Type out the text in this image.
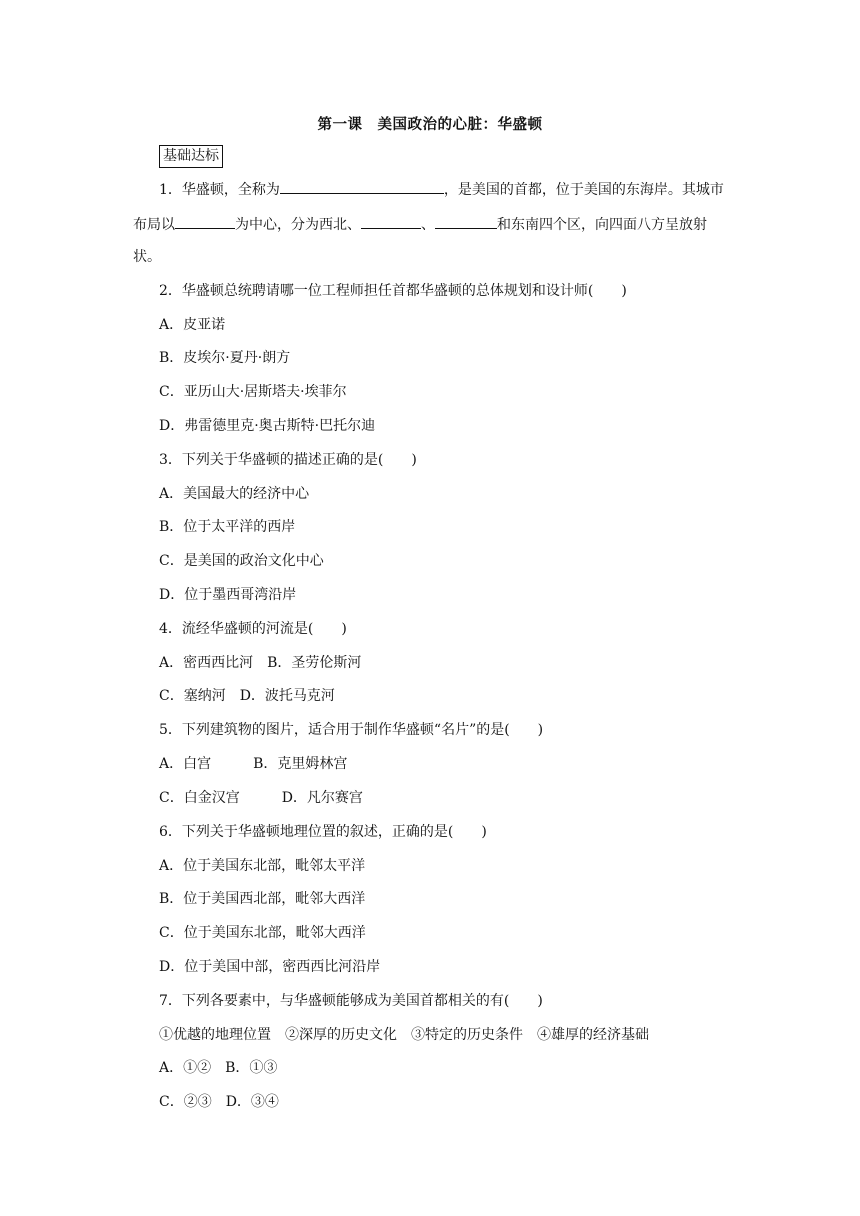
第一课　美国政治的心脏：华盛顿
基础达标
1．华盛顿，全称为	，是美国的首都，位于美国的东海岸。其城市
布局以	为中心，分为西北、	、	和东南四个区，向四面八方呈放射
状。
2．华盛顿总统聘请哪一位工程师担任首都华盛顿的总体规划和设计师(　　)
A．皮亚诺
B．皮埃尔·夏丹·朗方
C．亚历山大·居斯塔夫·埃菲尔
D．弗雷德里克·奥古斯特·巴托尔迪
3．下列关于华盛顿的描述正确的是(　　)
A．美国最大的经济中心
B．位于太平洋的西岸
C．是美国的政治文化中心
D．位于墨西哥湾沿岸
4．流经华盛顿的河流是(　　)
A．密西西比河　B．圣劳伦斯河
C．塞纳河　D．波托马克河
5．下列建筑物的图片，适合用于制作华盛顿“名片”的是(　　)
A．白宫　　　B．克里姆林宫
C．白金汉宫　　　D．凡尔赛宫
6．下列关于华盛顿地理位置的叙述，正确的是(　　)
A．位于美国东北部，毗邻太平洋
B．位于美国西北部，毗邻大西洋
C．位于美国东北部，毗邻大西洋
D．位于美国中部，密西西比河沿岸
7．下列各要素中，与华盛顿能够成为美国首都相关的有(　　)
①优越的地理位置　②深厚的历史文化　③特定的历史条件　④雄厚的经济基础
A．①②　B．①③
C．②③　D．③④
